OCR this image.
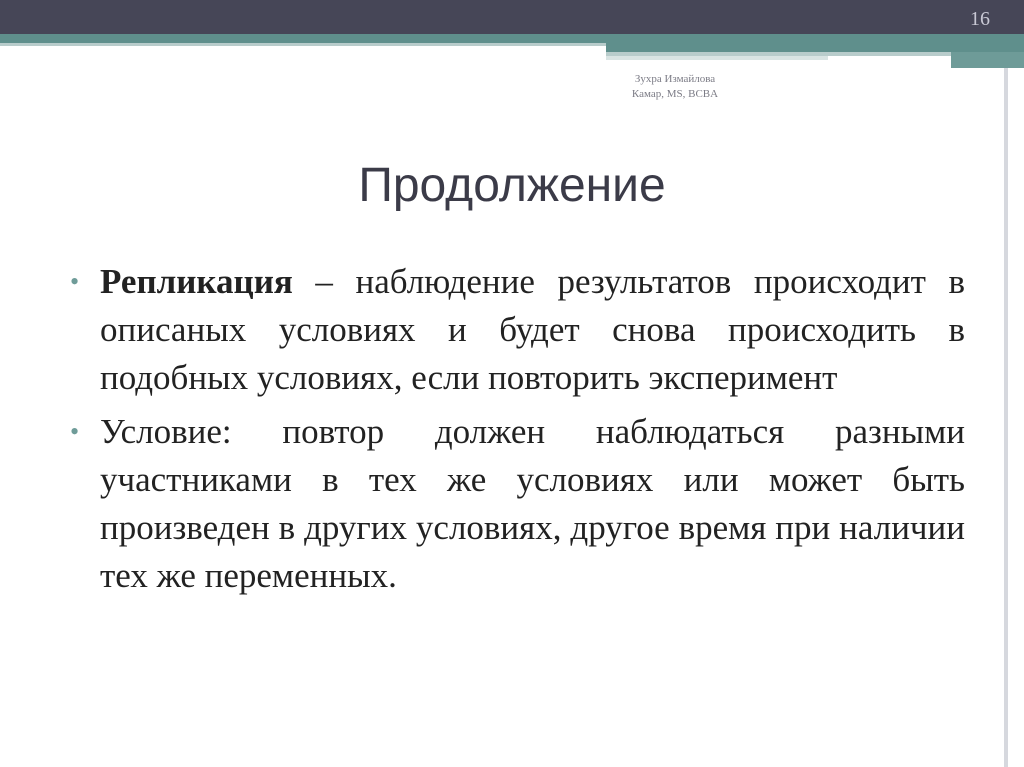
16
Зухра Измайлова
Камар, MS, BCBA
Продолжение
• Репликация – наблюдение результатов происходит в описаных условиях и будет снова происходить в подобных условиях, если повторить эксперимент
• Условие: повтор должен наблюдаться разными участниками в тех же условиях или может быть произведен в других условиях, другое время при наличии тех же переменных.
